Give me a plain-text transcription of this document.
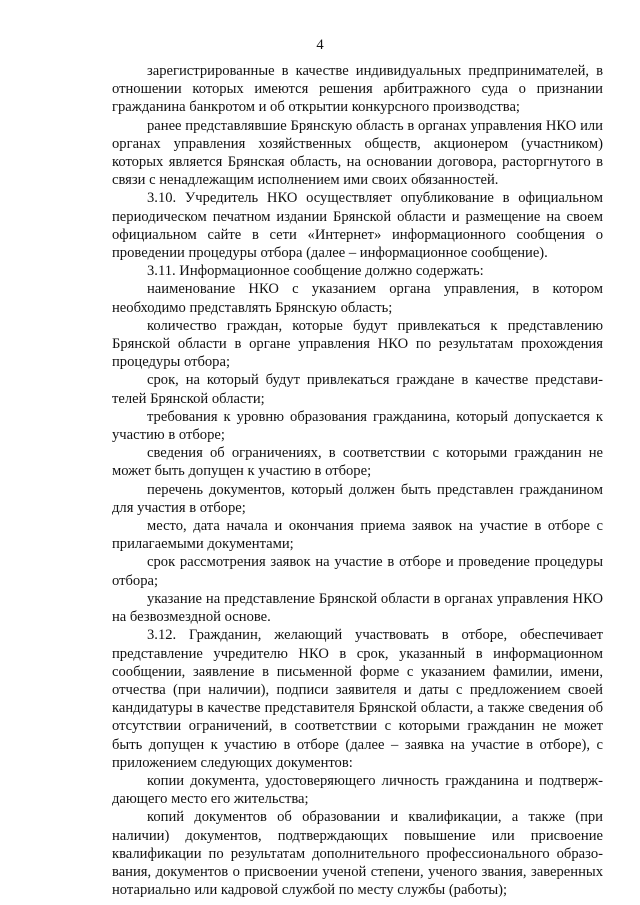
4

зарегистрированные в качестве индивидуальных предпринимателей, в отношении которых имеются решения арбитражного суда о признании гражданина банкротом и об открытии конкурсного производства;

ранее представлявшие Брянскую область в органах управления НКО или органах управления хозяйственных обществ, акционером (участником) которых является Брянская область, на основании договора, расторгнутого в связи с ненадлежащим исполнением ими своих обязанностей.

3.10. Учредитель НКО осуществляет опубликование в официальном периодическом печатном издании Брянской области и размещение на своем официальном сайте в сети «Интернет» информационного сообщения о проведении процедуры отбора (далее – информационное сообщение).

3.11. Информационное сообщение должно содержать:

наименование НКО с указанием органа управления, в котором необходимо представлять Брянскую область;

количество граждан, которые будут привлекаться к представлению Брянской области в органе управления НКО по результатам прохождения процедуры отбора;

срок, на который будут привлекаться граждане в качестве представителей Брянской области;

требования к уровню образования гражданина, который допускается к участию в отборе;

сведения об ограничениях, в соответствии с которыми гражданин не может быть допущен к участию в отборе;

перечень документов, который должен быть представлен гражданином для участия в отборе;

место, дата начала и окончания приема заявок на участие в отборе с прилагаемыми документами;

срок рассмотрения заявок на участие в отборе и проведение процедуры отбора;

указание на представление Брянской области в органах управления НКО на безвозмездной основе.

3.12. Гражданин, желающий участвовать в отборе, обеспечивает представление учредителю НКО в срок, указанный в информационном сообщении, заявление в письменной форме с указанием фамилии, имени, отчества (при наличии), подписи заявителя и даты с предложением своей кандидатуры в качестве представителя Брянской области, а также сведения об отсутствии ограничений, в соответствии с которыми гражданин не может быть допущен к участию в отборе (далее – заявка на участие в отборе), с приложением следующих документов:

копии документа, удостоверяющего личность гражданина и подтверждающего место его жительства;

копий документов об образовании и квалификации, а также (при наличии) документов, подтверждающих повышение или присвоение квалификации по результатам дополнительного профессионального образования, документов о присвоении ученой степени, ученого звания, заверенных нотариально или кадровой службой по месту службы (работы);
